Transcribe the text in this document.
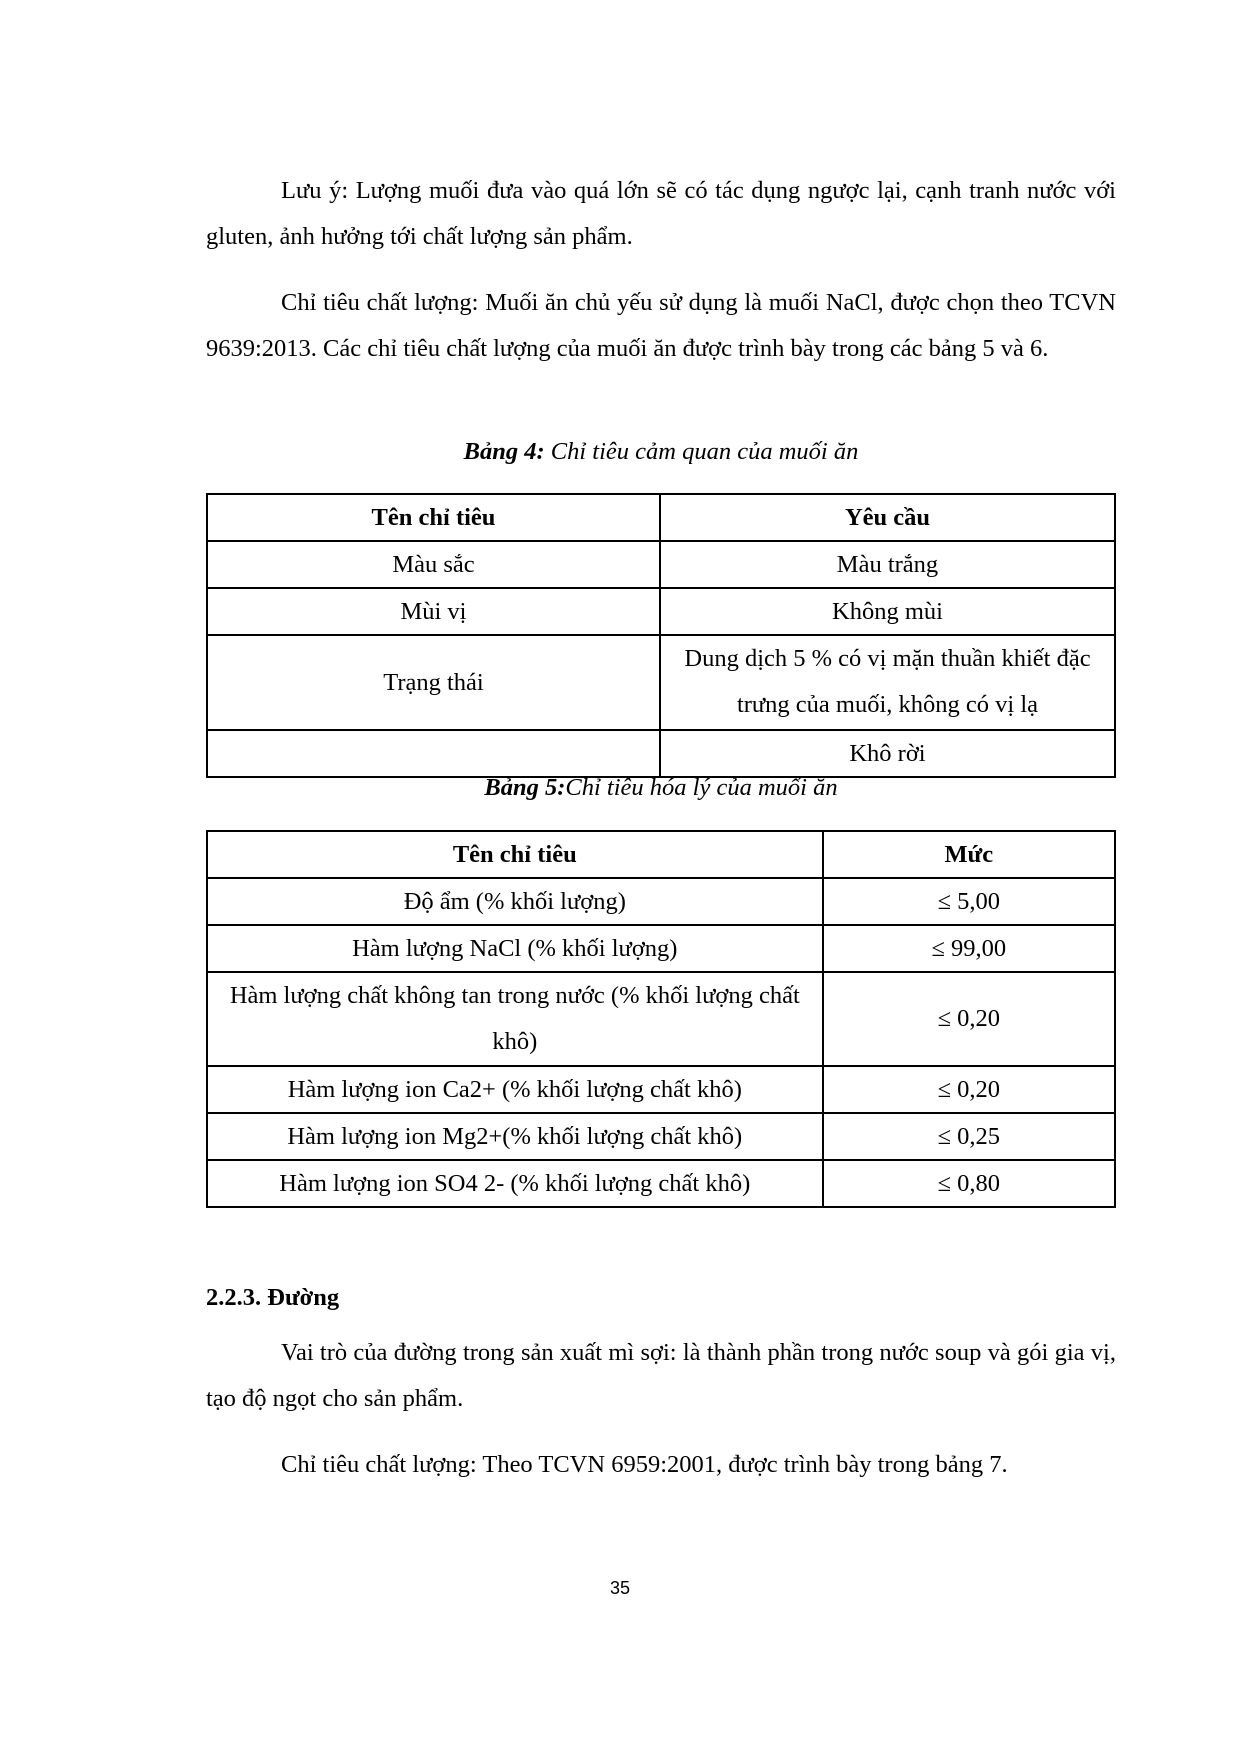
Lưu ý: Lượng muối đưa vào quá lớn sẽ có tác dụng ngược lại, cạnh tranh nước với gluten, ảnh hưởng tới chất lượng sản phẩm.

Chỉ tiêu chất lượng: Muối ăn chủ yếu sử dụng là muối NaCl, được chọn theo TCVN 9639:2013. Các chỉ tiêu chất lượng của muối ăn được trình bày trong các bảng 5 và 6.

Bảng 4: Chỉ tiêu cảm quan của muối ăn

Tên chỉ tiêu	Yêu cầu
Màu sắc	Màu trắng
Mùi vị	Không mùi
Trạng thái	Dung dịch 5 % có vị mặn thuần khiết đặc trưng của muối, không có vị lạ
	Khô rời

Bảng 5:Chỉ tiêu hóa lý của muối ăn

Tên chỉ tiêu	Mức
Độ ẩm (% khối lượng)	≤ 5,00
Hàm lượng NaCl (% khối lượng)	≤ 99,00
Hàm lượng chất không tan trong nước (% khối lượng chất khô)	≤ 0,20
Hàm lượng ion Ca2+ (% khối lượng chất khô)	≤ 0,20
Hàm lượng ion Mg2+(% khối lượng chất khô)	≤ 0,25
Hàm lượng ion SO4 2- (% khối lượng chất khô)	≤ 0,80
2.2.3. Đường

Vai trò của đường trong sản xuất mì sợi: là thành phần trong nước soup và gói gia vị, tạo độ ngọt cho sản phẩm.

Chỉ tiêu chất lượng: Theo TCVN 6959:2001, được trình bày trong bảng 7.

35
